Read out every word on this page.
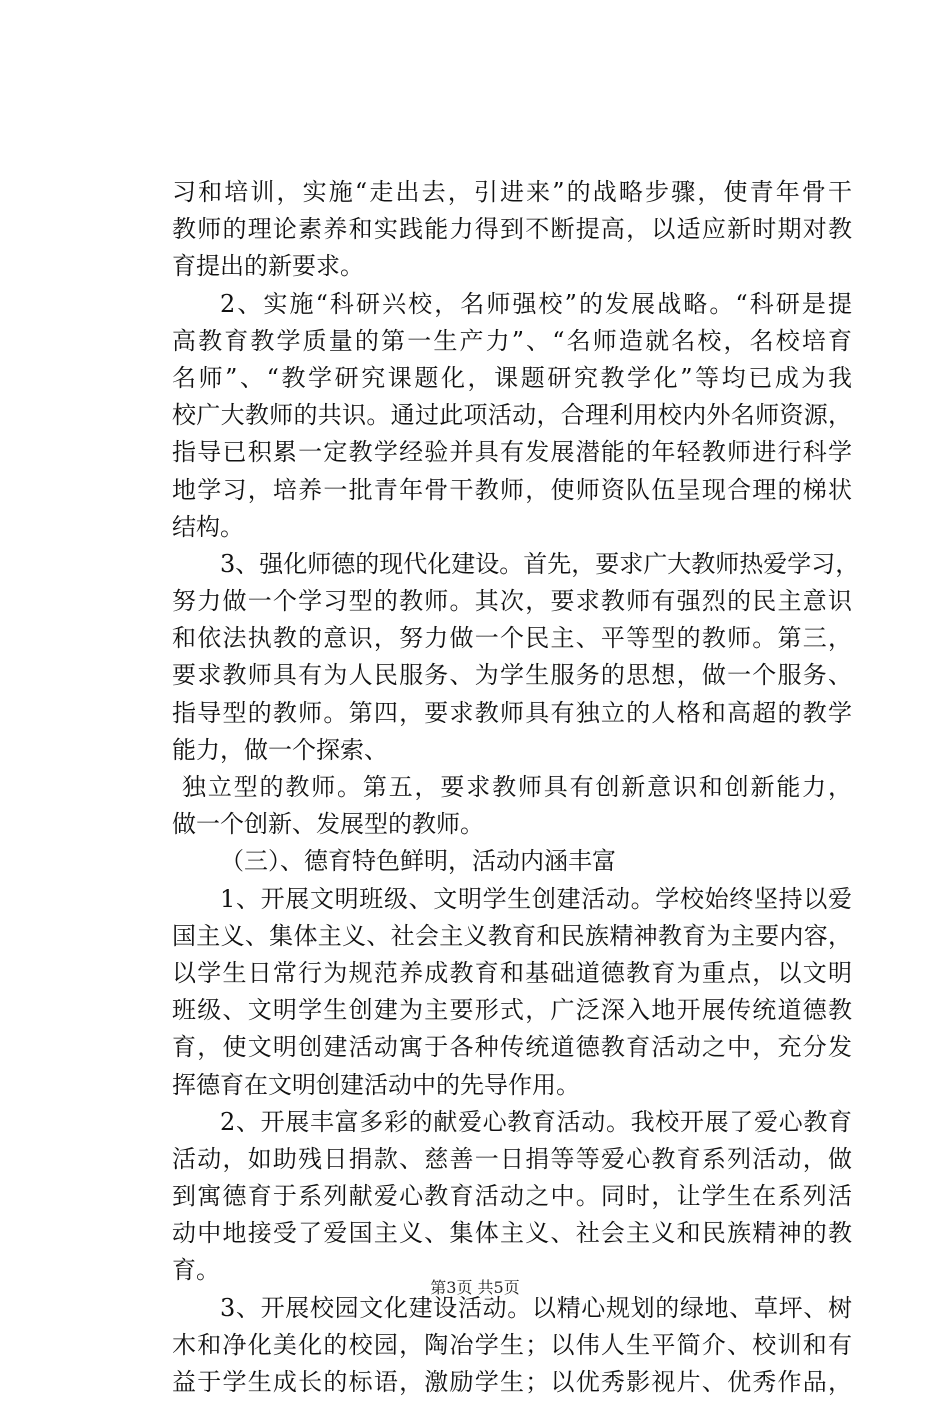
习和培训，实施“走出去，引进来”的战略步骤，使青年骨干
教师的理论素养和实践能力得到不断提高，以适应新时期对教
育提出的新要求。
2、实施“科研兴校，名师强校”的发展战略。“科研是提
高教育教学质量的第一生产力”、“名师造就名校，名校培育
名师”、“教学研究课题化，课题研究教学化”等均已成为我
校广大教师的共识。通过此项活动，合理利用校内外名师资源，
指导已积累一定教学经验并具有发展潜能的年轻教师进行科学
地学习，培养一批青年骨干教师，使师资队伍呈现合理的梯状
结构。
3、强化师德的现代化建设。首先，要求广大教师热爱学习，
努力做一个学习型的教师。其次，要求教师有强烈的民主意识
和依法执教的意识，努力做一个民主、平等型的教师。第三，
要求教师具有为人民服务、为学生服务的思想，做一个服务、
指导型的教师。第四，要求教师具有独立的人格和高超的教学
能力，做一个探索、
独立型的教师。第五，要求教师具有创新意识和创新能力，
做一个创新、发展型的教师。
（三）、德育特色鲜明，活动内涵丰富
1、开展文明班级、文明学生创建活动。学校始终坚持以爱
国主义、集体主义、社会主义教育和民族精神教育为主要内容，
以学生日常行为规范养成教育和基础道德教育为重点，以文明
班级、文明学生创建为主要形式，广泛深入地开展传统道德教
育，使文明创建活动寓于各种传统道德教育活动之中，充分发
挥德育在文明创建活动中的先导作用。
2、开展丰富多彩的献爱心教育活动。我校开展了爱心教育
活动，如助残日捐款、慈善一日捐等等爱心教育系列活动，做
到寓德育于系列献爱心教育活动之中。同时，让学生在系列活
动中地接受了爱国主义、集体主义、社会主义和民族精神的教
育。
3、开展校园文化建设活动。以精心规划的绿地、草坪、树
木和净化美化的校园，陶冶学生；以伟人生平简介、校训和有
益于学生成长的标语，激励学生；以优秀影视片、优秀作品，
第3页 共5页
